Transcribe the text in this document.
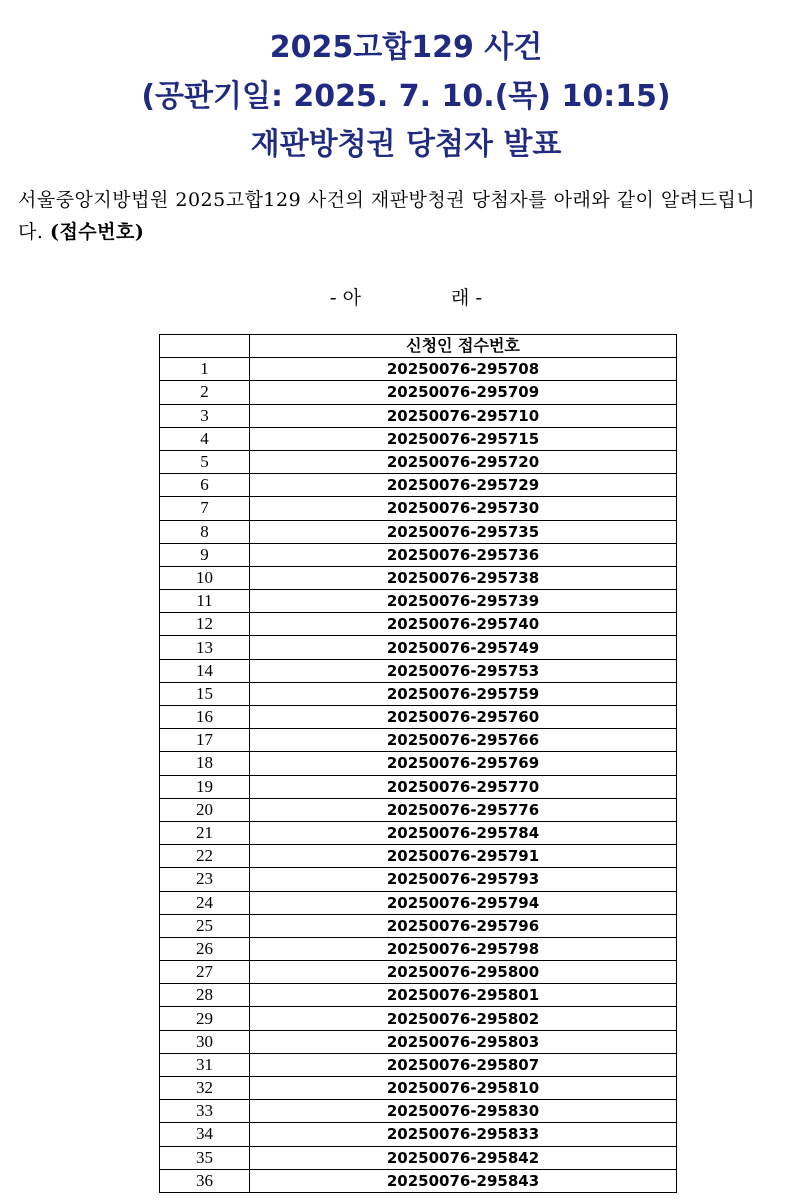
2025고합129 사건
(공판기일: 2025. 7. 10.(목) 10:15)
재판방청권 당첨자 발표

서울중앙지방법원 2025고합129 사건의 재판방청권 당첨자를 아래와 같이 알려드립니다. (접수번호)

- 아	래 -
	신청인 접수번호
1	20250076-295708
2	20250076-295709
3	20250076-295710
4	20250076-295715
5	20250076-295720
6	20250076-295729
7	20250076-295730
8	20250076-295735
9	20250076-295736
10	20250076-295738
11	20250076-295739
12	20250076-295740
13	20250076-295749
14	20250076-295753
15	20250076-295759
16	20250076-295760
17	20250076-295766
18	20250076-295769
19	20250076-295770
20	20250076-295776
21	20250076-295784
22	20250076-295791
23	20250076-295793
24	20250076-295794
25	20250076-295796
26	20250076-295798
27	20250076-295800
28	20250076-295801
29	20250076-295802
30	20250076-295803
31	20250076-295807
32	20250076-295810
33	20250076-295830
34	20250076-295833
35	20250076-295842
36	20250076-295843
